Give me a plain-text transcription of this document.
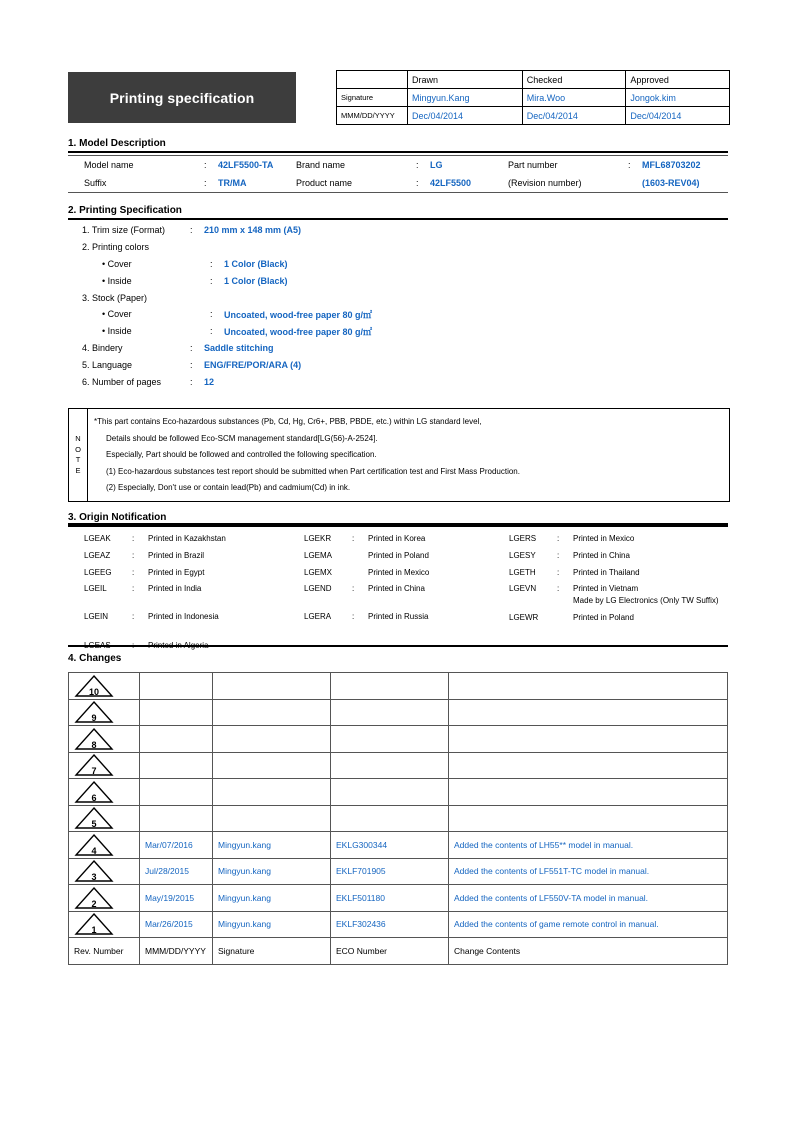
Printing specification
	Drawn	Checked	Approved
Signature	Mingyun.Kang	Mira.Woo	Jongok.kim
MMM/DD/YYYY	Dec/04/2014	Dec/04/2014	Dec/04/2014
1. Model Description
Model name	:	42LF5500-TA	Brand name	:	LG	Part number	:	MFL68703202
Suffix	:	TR/MA	Product name	:	42LF5500	(Revision number)	(1603-REV04)
2. Printing Specification
1. Trim size (Format)	:	210 mm x 148 mm (A5)
2. Printing colors
• Cover	:	1 Color (Black)
• Inside	:	1 Color (Black)
3. Stock (Paper)
• Cover	:	Uncoated, wood-free paper 80 g/㎡
• Inside	:	Uncoated, wood-free paper 80 g/㎡
4. Bindery	:	Saddle stitching
5. Language	:	ENG/FRE/POR/ARA (4)
6. Number of pages	:	12
N
O
T
E
*This part contains Eco-hazardous substances (Pb, Cd, Hg, Cr6+, PBB, PBDE, etc.) within LG standard level,
Details should be followed Eco-SCM management standard[LG(56)-A-2524].
Especially, Part should be followed and controlled the following specification.
(1) Eco-hazardous substances test report should be submitted when Part certification test and First Mass Production.
(2) Especially, Don't use or contain lead(Pb) and cadmium(Cd) in ink.
3. Origin Notification
LGEAK	:	Printed in Kazakhstan
LGEAZ	:	Printed in Brazil
LGEEG	:	Printed in Egypt
LGEIL	:	Printed in India
LGEIN	:	Printed in Indonesia
LGEAS	:	Printed in Algeria
LGEKR	:	Printed in Korea
LGEMA	Printed in Poland
LGEMX	Printed in Mexico
LGEND	:	Printed in China
LGERA	:	Printed in Russia
LGERS	:	Printed in Mexico
LGESY	:	Printed in China
LGETH	:	Printed in Thailand
LGEVN	:	Printed in Vietnam
Made by LG Electronics (Only TW Suffix)
LGEWR	Printed in Poland
4. Changes
10				

9				

8				

7				

6				

5				

4	Mar/07/2016	Mingyun.kang	EKLG300344	Added the contents of LH55** model in manual.

3	Jul/28/2015	Mingyun.kang	EKLF701905	Added the contents of LF551T-TC model in manual.

2	May/19/2015	Mingyun.kang	EKLF501180	Added the contents of LF550V-TA model in manual.

1	Mar/26/2015	Mingyun.kang	EKLF302436	Added the contents of game remote control in manual.
Rev. Number	MMM/DD/YYYY	Signature	ECO Number	Change Contents
